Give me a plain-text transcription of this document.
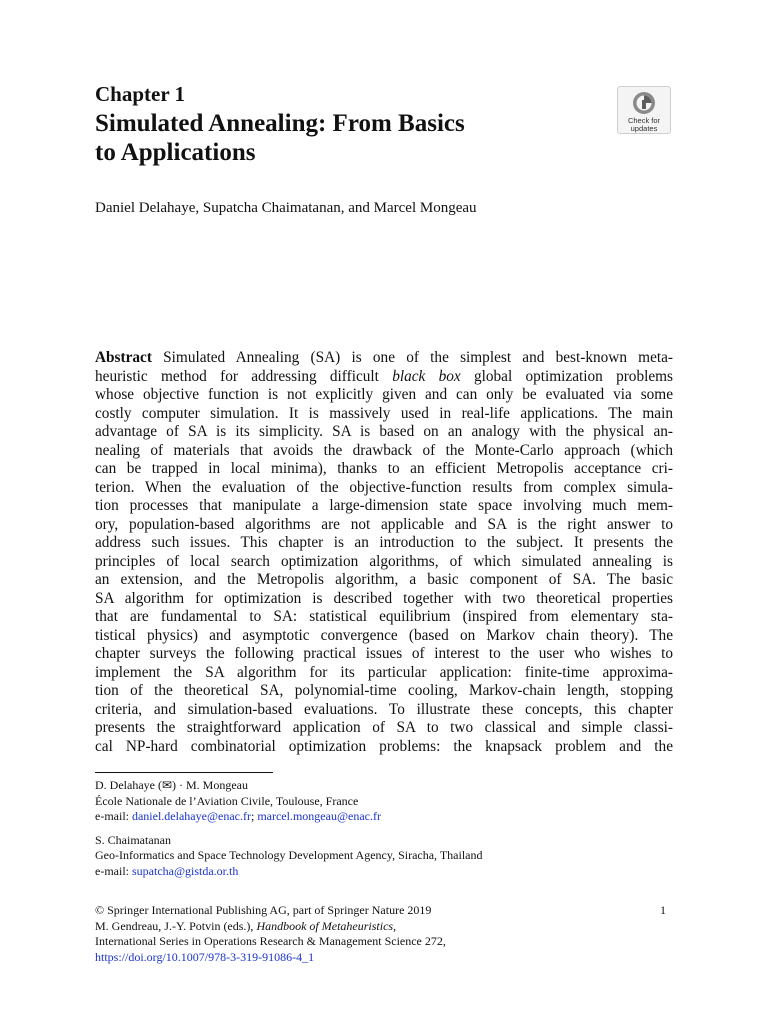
Chapter 1
Simulated Annealing: From Basics
to Applications
Check for
updates
Daniel Delahaye, Supatcha Chaimatanan, and Marcel Mongeau
Abstract Simulated Annealing (SA) is one of the simplest and best-known meta-
heuristic method for addressing difficult black box global optimization problems
whose objective function is not explicitly given and can only be evaluated via some
costly computer simulation. It is massively used in real-life applications. The main
advantage of SA is its simplicity. SA is based on an analogy with the physical an-
nealing of materials that avoids the drawback of the Monte-Carlo approach (which
can be trapped in local minima), thanks to an efficient Metropolis acceptance cri-
terion. When the evaluation of the objective-function results from complex simula-
tion processes that manipulate a large-dimension state space involving much mem-
ory, population-based algorithms are not applicable and SA is the right answer to
address such issues. This chapter is an introduction to the subject. It presents the
principles of local search optimization algorithms, of which simulated annealing is
an extension, and the Metropolis algorithm, a basic component of SA. The basic
SA algorithm for optimization is described together with two theoretical properties
that are fundamental to SA: statistical equilibrium (inspired from elementary sta-
tistical physics) and asymptotic convergence (based on Markov chain theory). The
chapter surveys the following practical issues of interest to the user who wishes to
implement the SA algorithm for its particular application: finite-time approxima-
tion of the theoretical SA, polynomial-time cooling, Markov-chain length, stopping
criteria, and simulation-based evaluations. To illustrate these concepts, this chapter
presents the straightforward application of SA to two classical and simple classi-
cal NP-hard combinatorial optimization problems: the knapsack problem and the
D. Delahaye (✉) · M. Mongeau
École Nationale de l’Aviation Civile, Toulouse, France
e-mail: daniel.delahaye@enac.fr; marcel.mongeau@enac.fr
S. Chaimatanan
Geo-Informatics and Space Technology Development Agency, Siracha, Thailand
e-mail: supatcha@gistda.or.th
© Springer International Publishing AG, part of Springer Nature 2019
M. Gendreau, J.-Y. Potvin (eds.), Handbook of Metaheuristics,
International Series in Operations Research & Management Science 272,
https://doi.org/10.1007/978-3-319-91086-4_1
1
